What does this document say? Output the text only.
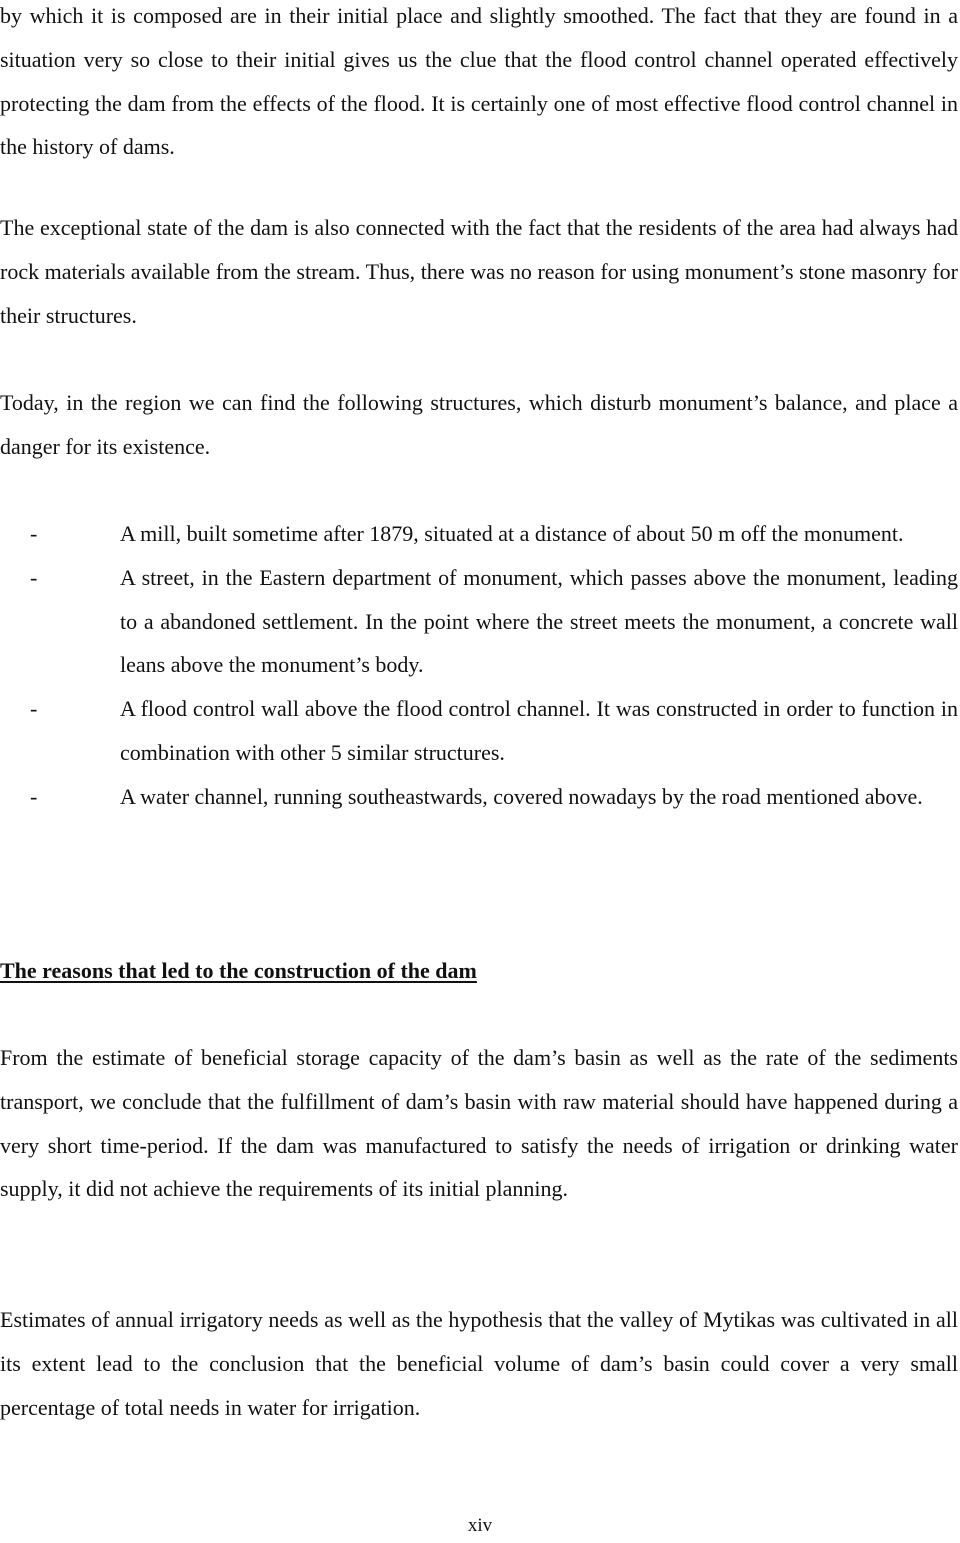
by which it is composed are in their initial place and slightly smoothed. The fact that they are found in a situation very so close to their initial gives us the clue that the flood control channel operated effectively protecting the dam from the effects of the flood. It is certainly one of most effective flood control channel in the history of dams.

The exceptional state of the dam is also connected with the fact that the residents of the area had always had rock materials available from the stream. Thus, there was no reason for using monument’s stone masonry for their structures.

Today, in the region we can find the following structures, which disturb monument’s balance, and place a danger for its existence.

-	A mill, built sometime after 1879, situated at a distance of about 50 m off the monument.
-	A street, in the Eastern department of monument, which passes above the monument, leading to a abandoned settlement. In the point where the street meets the monument, a concrete wall leans above the monument’s body.
-	A flood control wall above the flood control channel. It was constructed in order to function in combination with other 5 similar structures.
-	A water channel, running southeastwards, covered nowadays by the road mentioned above.
The reasons that led to the construction of the dam

From the estimate of beneficial storage capacity of the dam’s basin as well as the rate of the sediments transport, we conclude that the fulfillment of dam’s basin with raw material should have happened during a very short time-period. If the dam was manufactured to satisfy the needs of irrigation or drinking water supply, it did not achieve the requirements of its initial planning.

Estimates of annual irrigatory needs as well as the hypothesis that the valley of Mytikas was cultivated in all its extent lead to the conclusion that the beneficial volume of dam’s basin could cover a very small percentage of total needs in water for irrigation.

xiv
